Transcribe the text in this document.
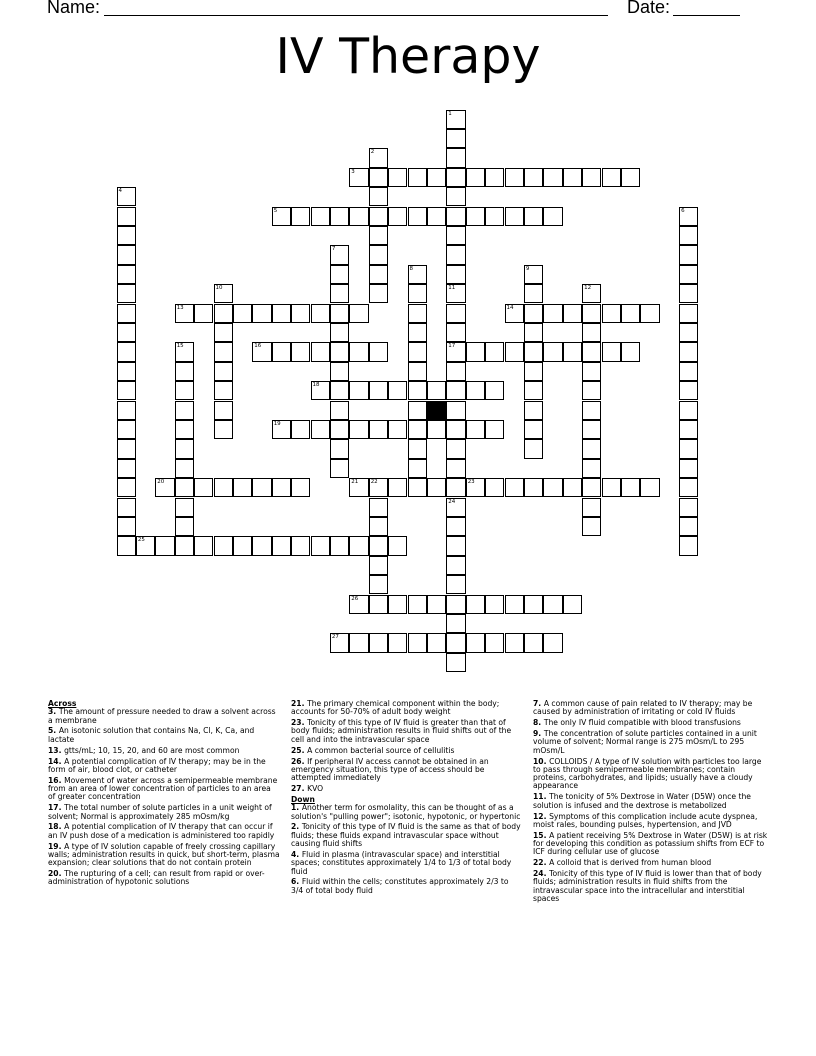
Name:	Date:
IV Therapy
1
2
3
4
5	6
7
8	9
10	11
17
12
13	14
15	16
18
19
20	21 22	23
24
25
26
27
Across
3. The amount of pressure needed to draw a solvent across a membrane
5. An isotonic solution that contains Na, Cl, K, Ca, and lactate
13. gtts/mL; 10, 15, 20, and 60 are most common
14. A potential complication of IV therapy; may be in the form of air, blood clot, or catheter
16. Movement of water across a semipermeable membrane from an area of lower concentration of particles to an area of greater concentration
17. The total number of solute particles in a unit weight of solvent; Normal is approximately 285 mOsm/kg
18. A potential complication of IV therapy that can occur if an IV push dose of a medication is administered too rapidly
19. A type of IV solution capable of freely crossing capillary walls; administration results in quick, but short-term, plasma expansion; clear solutions that do not contain protein
20. The rupturing of a cell; can result from rapid or over-administration of hypotonic solutions
21. The primary chemical component within the body; accounts for 50-70% of adult body weight
23. Tonicity of this type of IV fluid is greater than that of body fluids; administration results in fluid shifts out of the cell and into the intravascular space
25. A common bacterial source of cellulitis
26. If peripheral IV access cannot be obtained in an emergency situation, this type of access should be attempted immediately
27. KVO
Down
1. Another term for osmolality, this can be thought of as a solution's "pulling power"; isotonic, hypotonic, or hypertonic
2. Tonicity of this type of IV fluid is the same as that of body fluids; these fluids expand intravascular space without causing fluid shifts
4. Fluid in plasma (intravascular space) and interstitial spaces; constitutes approximately 1/4 to 1/3 of total body fluid
6. Fluid within the cells; constitutes approximately 2/3 to 3/4 of total body fluid
7. A common cause of pain related to IV therapy; may be caused by administration of irritating or cold IV fluids
8. The only IV fluid compatible with blood transfusions
9. The concentration of solute particles contained in a unit volume of solvent; Normal range is 275 mOsm/L to 295 mOsm/L
10. COLLOIDS / A type of IV solution with particles too large to pass through semipermeable membranes; contain proteins, carbohydrates, and lipids; usually have a cloudy appearance
11. The tonicity of 5% Dextrose in Water (D5W) once the solution is infused and the dextrose is metabolized
12. Symptoms of this complication include acute dyspnea, moist rales, bounding pulses, hypertension, and JVD
15. A patient receiving 5% Dextrose in Water (D5W) is at risk for developing this condition as potassium shifts from ECF to ICF during cellular use of glucose
22. A colloid that is derived from human blood
24. Tonicity of this type of IV fluid is lower than that of body fluids; administration results in fluid shifts from the intravascular space into the intracellular and interstitial spaces
